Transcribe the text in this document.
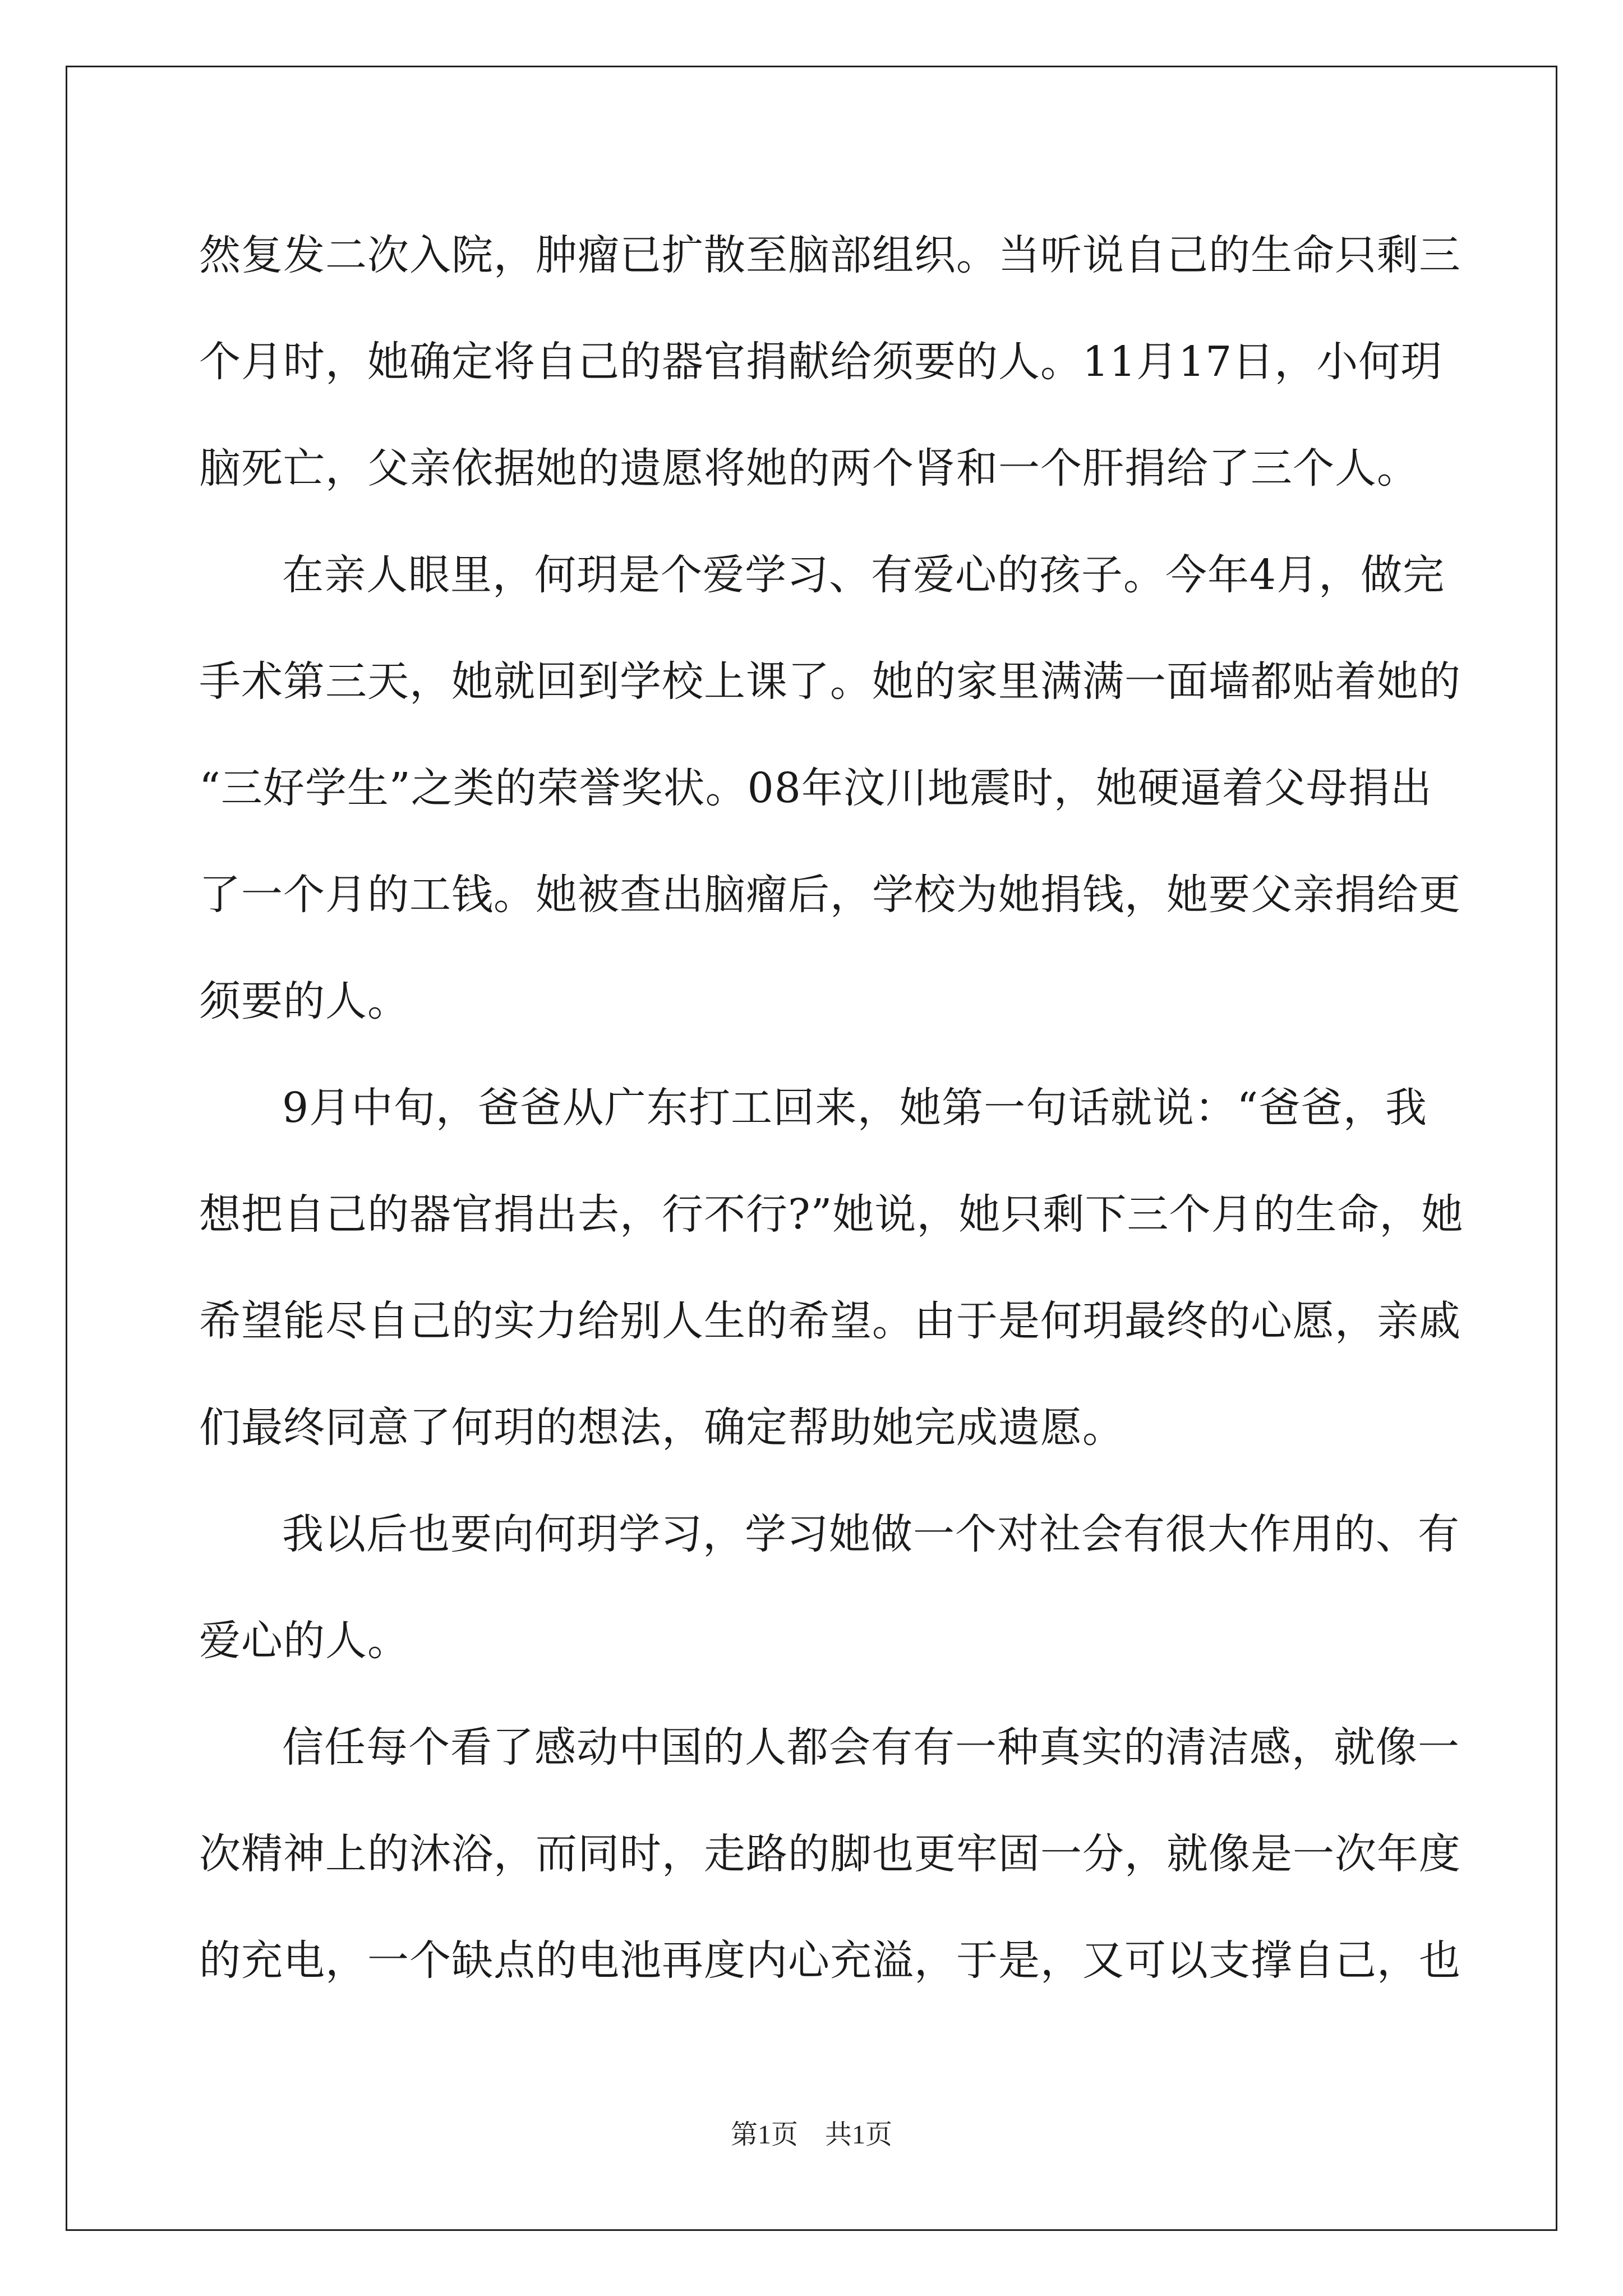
然复发二次入院，肿瘤已扩散至脑部组织。当听说自己的生命只剩三
个月时，她确定将自己的器官捐献给须要的人。11月17日，小何玥
脑死亡，父亲依据她的遗愿将她的两个肾和一个肝捐给了三个人。
在亲人眼里，何玥是个爱学习、有爱心的孩子。今年4月，做完
手术第三天，她就回到学校上课了。她的家里满满一面墙都贴着她的
“三好学生”之类的荣誉奖状。08年汶川地震时，她硬逼着父母捐出
了一个月的工钱。她被查出脑瘤后，学校为她捐钱，她要父亲捐给更
须要的人。
9月中旬，爸爸从广东打工回来，她第一句话就说：“爸爸，我
想把自己的器官捐出去，行不行?”她说，她只剩下三个月的生命，她
希望能尽自己的实力给别人生的希望。由于是何玥最终的心愿，亲戚
们最终同意了何玥的想法，确定帮助她完成遗愿。
我以后也要向何玥学习，学习她做一个对社会有很大作用的、有
爱心的人。
信任每个看了感动中国的人都会有有一种真实的清洁感，就像一
次精神上的沐浴，而同时，走路的脚也更牢固一分，就像是一次年度
的充电，一个缺点的电池再度内心充溢，于是，又可以支撑自己，也
第1页　共1页
